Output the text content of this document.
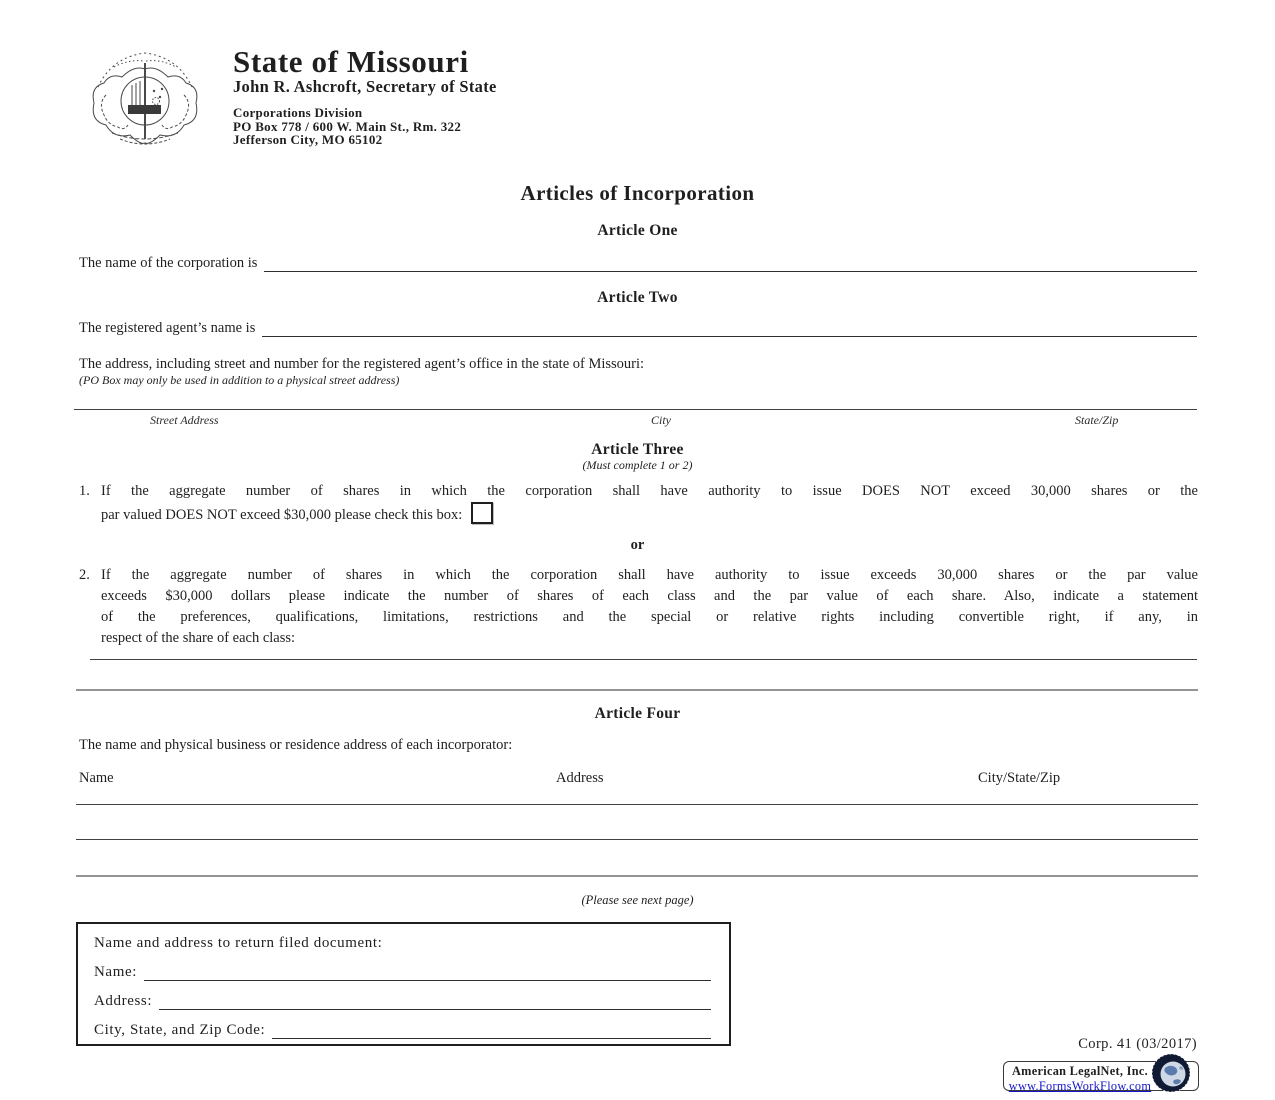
State of Missouri
John R. Ashcroft, Secretary of State
Corporations Division
PO Box 778 / 600 W. Main St., Rm. 322
Jefferson City, MO 65102
Articles of Incorporation
Article One
The name of the corporation is
Article Two
The registered agent’s name is
The address, including street and number for the registered agent’s office in the state of Missouri:
(PO Box may only be used in addition to a physical street address)
Street Address	City	State/Zip
Article Three
(Must complete 1 or 2)
1. If the aggregate number of shares in which the corporation shall have authority to issue DOES NOT exceed 30,000 shares or the
par valued DOES NOT exceed $30,000 please check this box:
or
2. If the aggregate number of shares in which the corporation shall have authority to issue exceeds 30,000 shares or the par value
exceeds $30,000 dollars please indicate the number of shares of each class and the par value of each share. Also, indicate a statement
of the preferences, qualifications, limitations, restrictions and the special or relative rights including convertible right, if any, in
respect of the share of each class:
Article Four
The name and physical business or residence address of each incorporator:
Name	Address	City/State/Zip
(Please see next page)
Name and address to return filed document:
Name:
Address:
City, State, and Zip Code:
Corp. 41 (03/2017)
American LegalNet, Inc.
www.FormsWorkFlow.com
